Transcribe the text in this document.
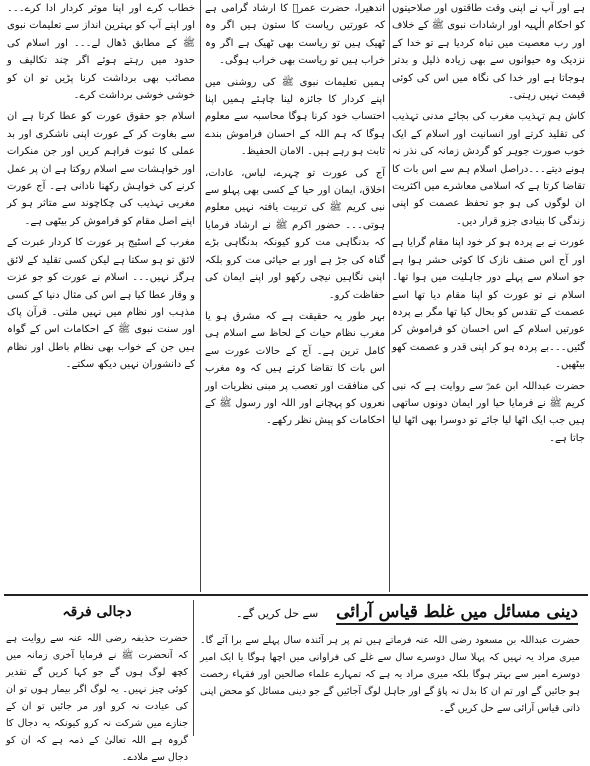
ہے اور آپ نے اپنی وقت طاقتوں اور صلاحیتوں کو احکام الٰہیہ اور ارشادات نبوی ﷺ کے خلاف اور رب معصیت میں تباہ کردیا ہے تو خدا کے نزدیک وہ حیوانوں سے بھی زیادہ ذلیل و بدتر ہوجاتا ہے اور خدا کی نگاہ میں اس کی کوئی قیمت نہیں رہتی۔

کاش ہم تہذیب مغرب کی بجائے مدنی تہذیب کی تقلید کرتے اور انسانیت اور اسلام کے ایک خوب صورت جوہر کو گردش زمانہ کی نذر نہ ہونے دیتے۔۔۔دراصل اسلام ہم سے اس بات کا تقاضا کرتا ہے کہ اسلامی معاشرے میں اکثریت ان لوگوں کی ہو جو تحفظ عصمت کو اپنی زندگی کا بنیادی جزو قرار دیں۔

عورت نے بے پردہ ہو کر خود اپنا مقام گرایا ہے اور آج اس صنف نازک کا کوئی حشر ہوا ہے جو اسلام سے پہلے دور جاہلیت میں ہوا تھا۔ اسلام نے تو عورت کو اپنا مقام دیا تھا اسے عصمت کے تقدس کو بحال کیا تھا مگر بے پردہ عورتیں اسلام کے اس احسان کو فراموش کر گئیں۔۔۔بے پردہ ہو کر اپنی قدر و عصمت کھو بیٹھیں۔

حضرت عبداللہ ابن عمرؓ سے روایت ہے کہ نبی کریم ﷺ نے فرمایا حیا اور ایمان دونوں ساتھی ہیں جب ایک اٹھا لیا جائے تو دوسرا بھی اٹھا لیا جاتا ہے۔

اندھیرا، حضرت عمرؓ کا ارشاد گرامی ہے کہ عورتیں ریاست کا ستون ہیں اگر وہ ٹھیک ہیں تو ریاست بھی ٹھیک ہے اگر وہ خراب ہیں تو ریاست بھی خراب ہوگی۔

ہمیں تعلیمات نبوی ﷺ کی روشنی میں اپنے کردار کا جائزہ لینا چاہئے ہمیں اپنا احتساب خود کرنا ہوگا محاسبہ سے معلوم ہوگا کہ ہم اللہ کے احسان فراموش بندے ثابت ہو رہے ہیں۔ الامان الحفیظ۔

آج کی عورت تو چہرے، لباس، عادات، اخلاق، ایمان اور حیا کے کسی بھی پہلو سے نبی کریم ﷺ کی تربیت یافتہ نہیں معلوم ہوتی۔۔۔ حضور اکرم ﷺ نے ارشاد فرمایا کہ بدنگاہی مت کرو کیونکہ بدنگاہی بڑے گناہ کی جڑ ہے اور بے حیائی مت کرو بلکہ اپنی نگاہیں نیچی رکھو اور اپنے ایمان کی حفاظت کرو۔

بہر طور یہ حقیقت ہے کہ مشرق ہو یا مغرب نظام حیات کے لحاظ سے اسلام ہی کامل ترین ہے۔ آج کے حالات عورت سے اس بات کا تقاضا کرتے ہیں کہ وہ مغرب کی منافقت اور تعصب پر مبنی نظریات اور نعروں کو پہچانے اور اللہ اور رسول ﷺ کے احکامات کو پیش نظر رکھے۔

خطاب کرے اور اپنا موثر کردار ادا کرے۔۔۔ اور اپنے آپ کو بہترین انداز سے تعلیمات نبوی ﷺ کے مطابق ڈھال لے۔۔۔ اور اسلام کی حدود میں رہتے ہوئے اگر چند تکالیف و مصائب بھی برداشت کرنا پڑیں تو ان کو خوشی خوشی برداشت کرے۔

اسلام جو حقوق عورت کو عطا کرتا ہے ان سے بغاوت کر کے عورت اپنی ناشکری اور بد عملی کا ثبوت فراہم کریں اور جن منکرات اور خواہشات سے اسلام روکتا ہے ان پر عمل کرنے کی خواہش رکھنا نادانی ہے۔ آج عورت مغربی تہذیب کی چکاچوند سے متاثر ہو کر اپنے اصل مقام کو فراموش کر بیٹھی ہے۔

مغرب کے اسٹیج پر عورت کا کردار عبرت کے لائق تو ہو سکتا ہے لیکن کسی تقلید کے لائق ہرگز نہیں۔۔۔ اسلام نے عورت کو جو عزت و وقار عطا کیا ہے اس کی مثال دنیا کے کسی مذہب اور نظام میں نہیں ملتی۔ قرآن پاک اور سنت نبوی ﷺ کے احکامات اس کے گواہ ہیں جن کے خواب بھی نظام باطل اور نظام کے دانشوران نہیں دیکھ سکتے۔

دینی مسائل میں غلط قیاس آرائی
سے حل کریں گے۔
حضرت عبداللہ بن مسعود رضی اللہ عنہ فرماتے ہیں تم پر ہر آئندہ سال پہلے سے برا آئے گا۔ میری مراد یہ نہیں کہ پہلا سال دوسرے سال سے غلے کی فراوانی میں اچھا ہوگا یا ایک امیر دوسرے امیر سے بہتر ہوگا بلکہ میری مراد یہ ہے کہ تمہارے علماء صالحین اور فقہاء رخصت ہو جائیں گے اور تم ان کا بدل نہ پاؤ گے اور جاہل لوگ آجائیں گے جو دینی مسائل کو محض اپنی ذاتی قیاس آرائی سے حل کریں گے۔
دجالی فرقہ
حضرت حذیفہ رضی اللہ عنہ سے روایت ہے کہ آنحضرت ﷺ نے فرمایا آخری زمانہ میں کچھ لوگ ہوں گے جو کہا کریں گے تقدیر کوئی چیز نہیں۔ یہ لوگ اگر بیمار ہوں تو ان کی عیادت نہ کرو اور مر جائیں تو ان کے جنازے میں شرکت نہ کرو کیونکہ یہ دجال کا گروہ ہے اللہ تعالیٰ کے ذمہ ہے کہ ان کو دجال سے ملادے۔
